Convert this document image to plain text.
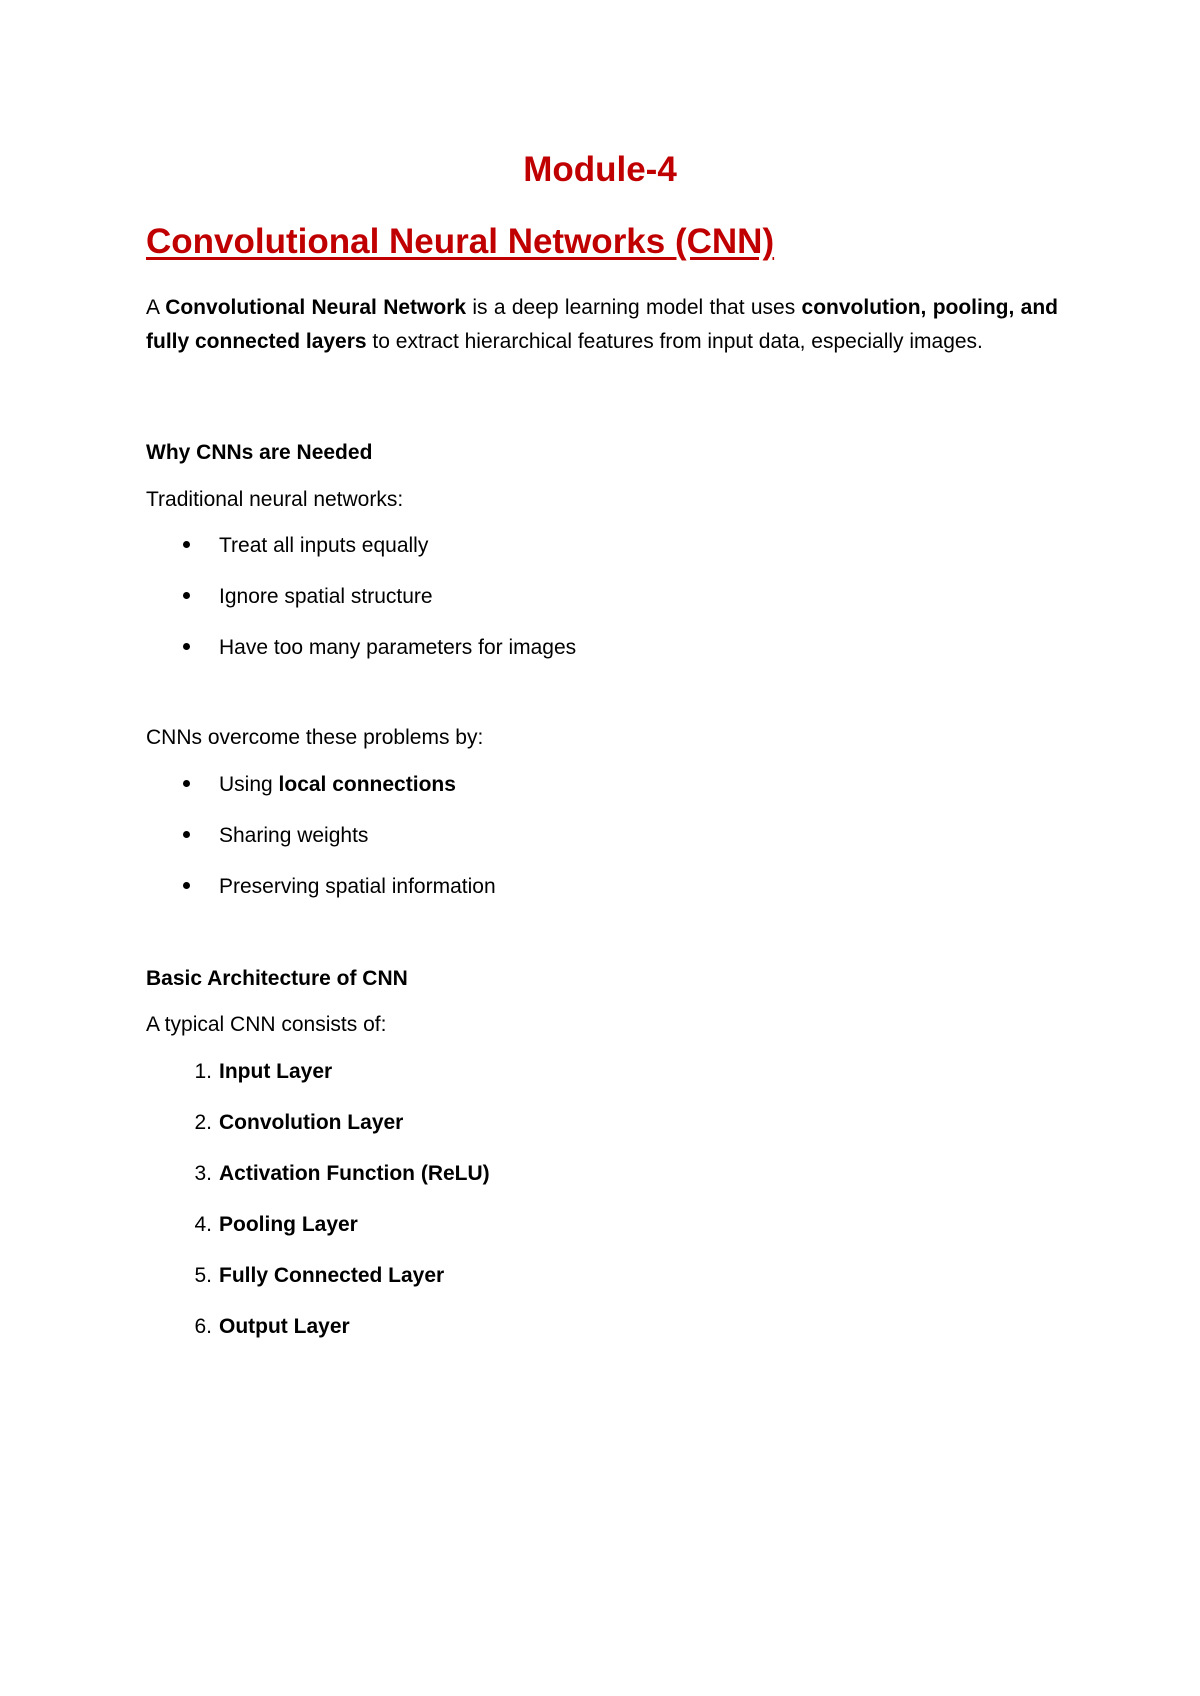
Module-4
Convolutional Neural Networks (CNN)

A Convolutional Neural Network is a deep learning model that uses convolution, pooling, and fully connected layers to extract hierarchical features from input data, especially images.

Why CNNs are Needed

Traditional neural networks:

Treat all inputs equally
Ignore spatial structure
Have too many parameters for images

CNNs overcome these problems by:

Using local connections
Sharing weights
Preserving spatial information
Basic Architecture of CNN

A typical CNN consists of:

1. Input Layer
2. Convolution Layer
3. Activation Function (ReLU)
4. Pooling Layer
5. Fully Connected Layer
6. Output Layer
